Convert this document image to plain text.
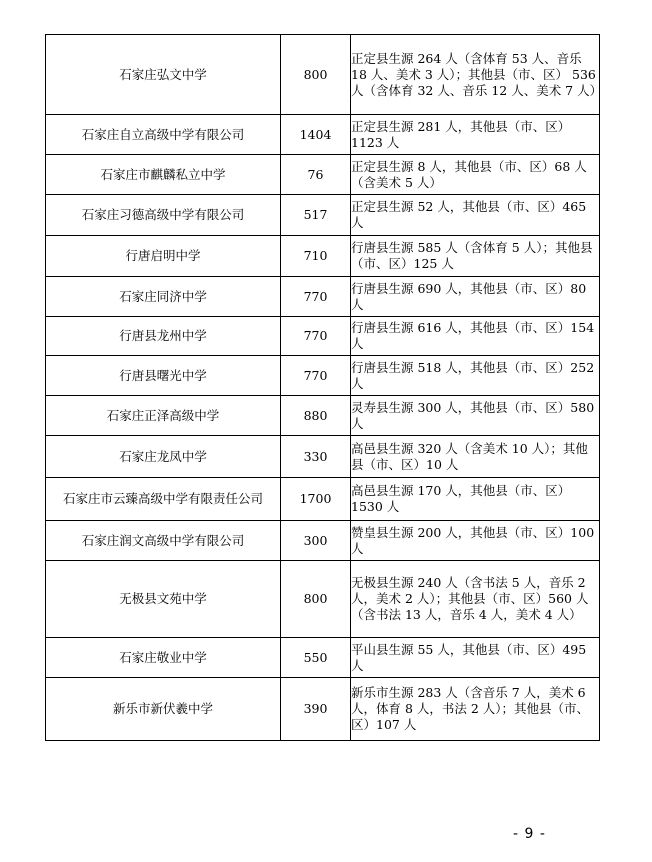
石家庄弘文中学	800	正定县生源 264 人（含体育 53 人、音乐 18 人、美术 3 人）；其他县（市、区） 536 人（含体育 32 人、音乐 12 人、美术 7 人）
石家庄自立高级中学有限公司	1404	正定县生源 281 人，其他县（市、区）1123 人
石家庄市麒麟私立中学	76	正定县生源 8 人，其他县（市、区）68 人（含美术 5 人）
石家庄习德高级中学有限公司	517	正定县生源 52 人，其他县（市、区）465 人
行唐启明中学	710	行唐县生源 585 人（含体育 5 人）；其他县（市、区）125 人
石家庄同济中学	770	行唐县生源 690 人，其他县（市、区）80 人
行唐县龙州中学	770	行唐县生源 616 人，其他县（市、区）154 人
行唐县曙光中学	770	行唐县生源 518 人，其他县（市、区）252 人
石家庄正泽高级中学	880	灵寿县生源 300 人，其他县（市、区）580 人
石家庄龙凤中学	330	高邑县生源 320 人（含美术 10 人）；其他县（市、区）10 人
石家庄市云臻高级中学有限责任公司	1700	高邑县生源 170 人，其他县（市、区）1530 人
石家庄润文高级中学有限公司	300	赞皇县生源 200 人，其他县（市、区）100 人
无极县文苑中学	800	无极县生源 240 人（含书法 5 人，音乐 2 人，美术 2 人）；其他县（市、区）560 人（含书法 13 人，音乐 4 人，美术 4 人）
石家庄敬业中学	550	平山县生源 55 人，其他县（市、区）495 人
新乐市新伏羲中学	390	新乐市生源 283 人（含音乐 7 人，美术 6 人，体育 8 人，书法 2 人）；其他县（市、区）107 人
- 9 -
